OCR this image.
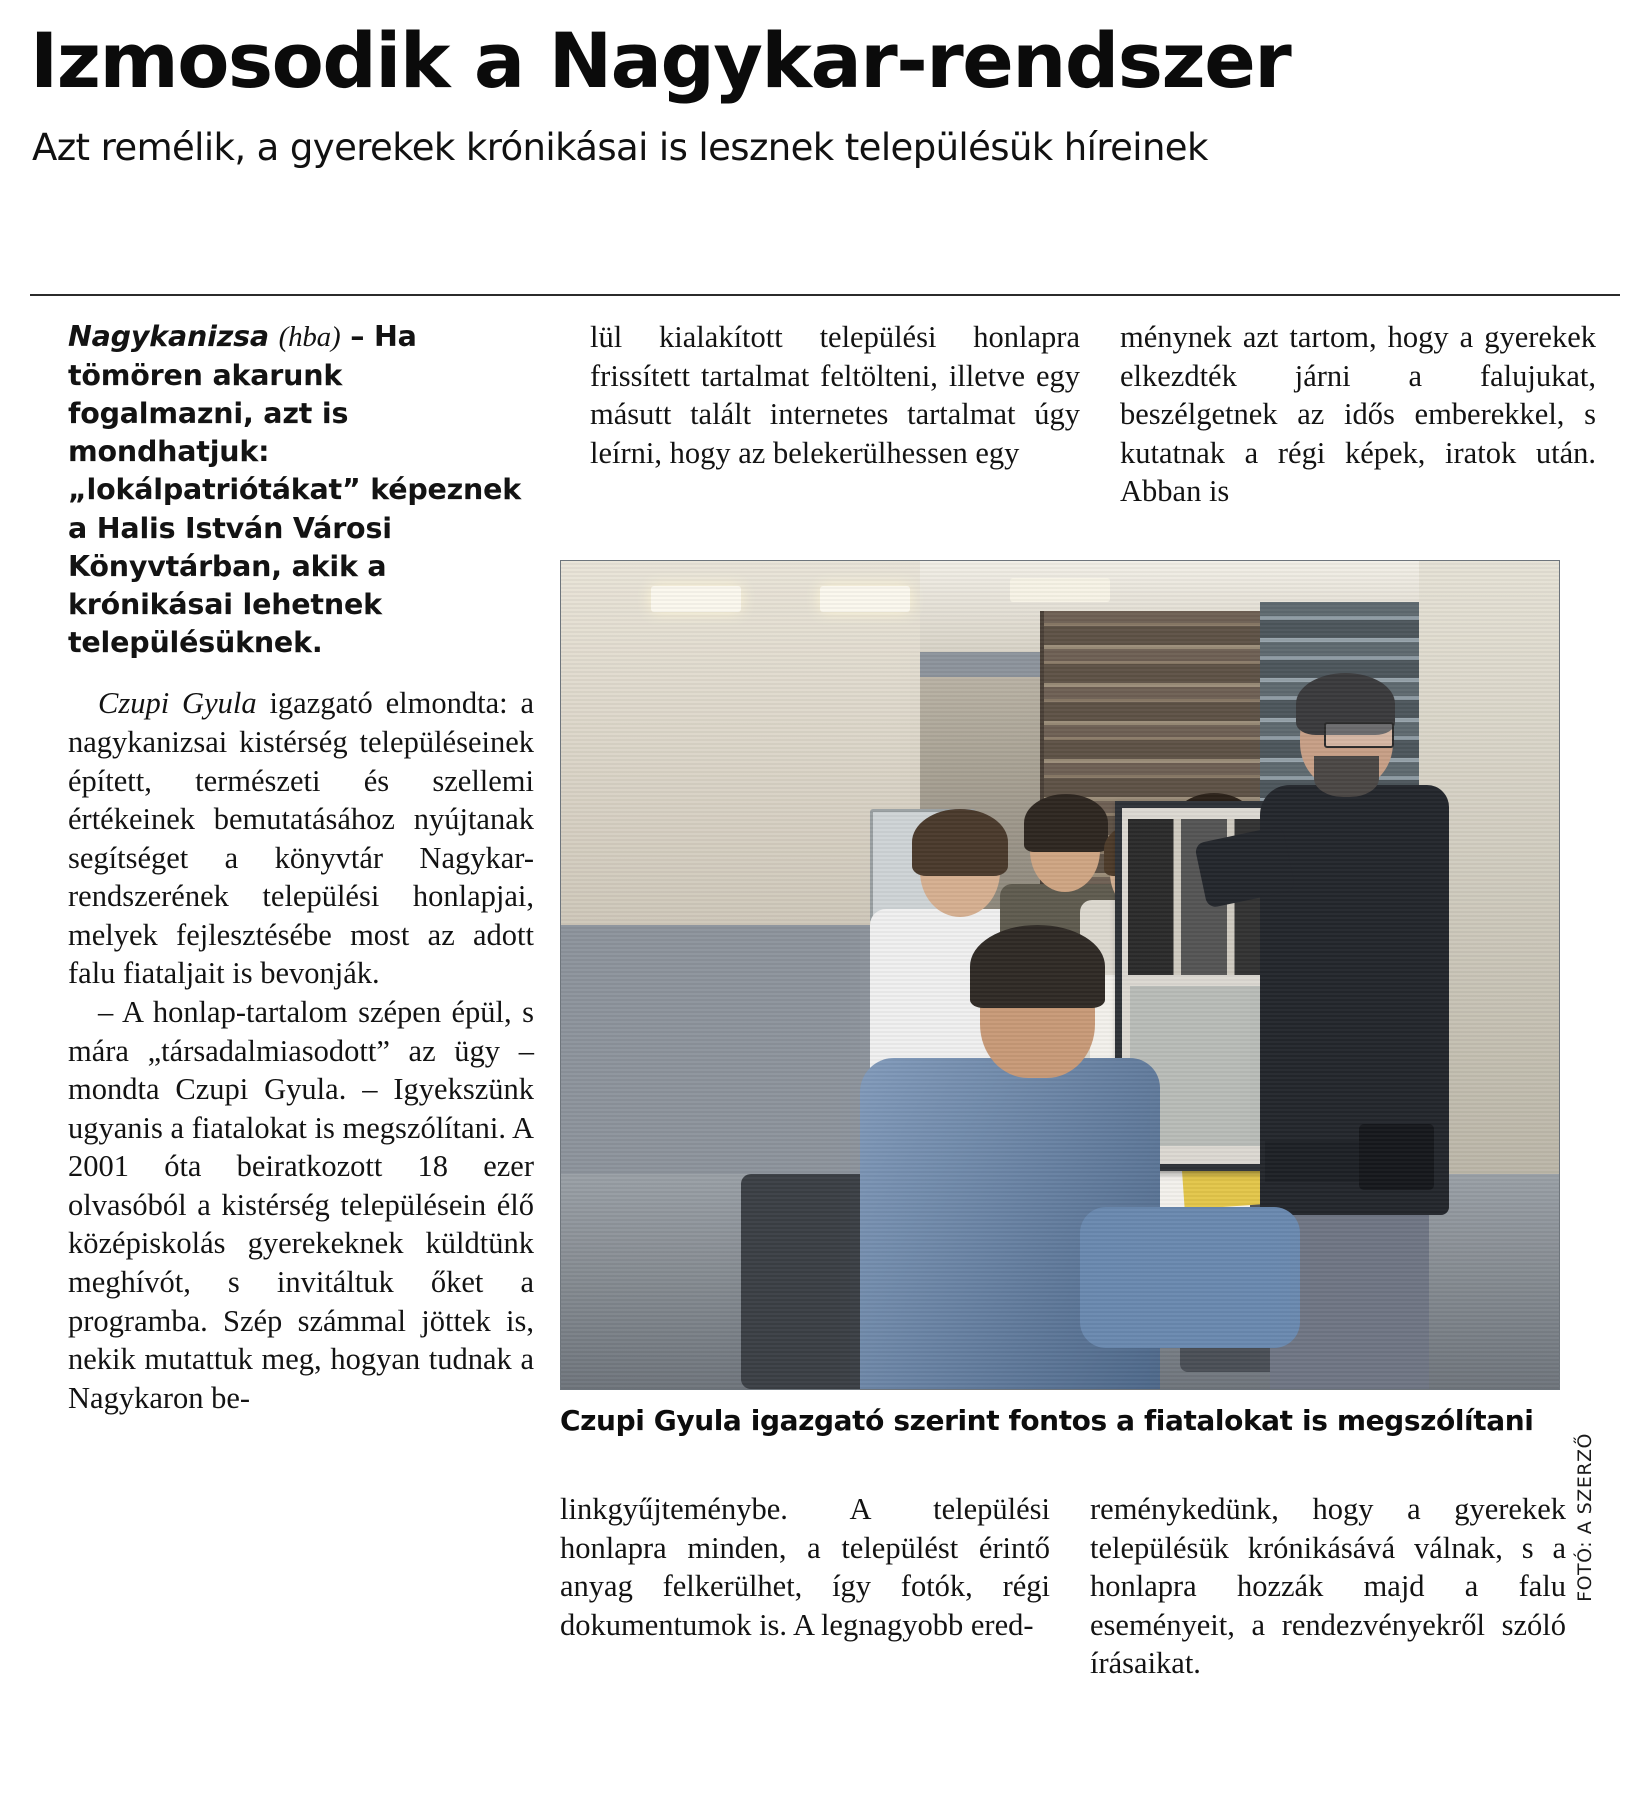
Izmosodik a Nagykar-rendszer
Azt remélik, a gyerekek krónikásai is lesznek településük híreinek

Nagykanizsa (hba) – Ha tömören akarunk fogalmazni, azt is mondhatjuk: „lokálpatriótákat” képeznek a Halis István Városi Könyvtárban, akik a krónikásai lehetnek településüknek.

Czupi Gyula igazgató elmondta: a nagykanizsai kistérség településeinek épített, természeti és szellemi értékeinek bemutatásához nyújtanak segítséget a könyvtár Nagykar-rendszerének települési honlapjai, melyek fejlesztésébe most az adott falu fiataljait is bevonják.

– A honlap-tartalom szépen épül, s mára „társadalmiasodott” az ügy – mondta Czupi Gyula. – Igyekszünk ugyanis a fiatalokat is megszólítani. A 2001 óta beiratkozott 18 ezer olvasóból a kistérség településein élő középiskolás gyerekeknek küldtünk meghívót, s invitáltuk őket a programba. Szép számmal jöttek is, nekik mutattuk meg, hogyan tudnak a Nagykaron be-

lül kialakított települési honlapra frissített tartalmat feltölteni, illetve egy másutt talált internetes tartalmat úgy leírni, hogy az belekerülhessen egy

ménynek azt tartom, hogy a gyerekek elkezdték járni a falujukat, beszélgetnek az idős emberekkel, s kutatnak a régi képek, iratok után. Abban is

FOTÓ: A SZERZŐ
Czupi Gyula igazgató szerint fontos a fiatalokat is megszólítani

linkgyűjteménybe. A települési honlapra minden, a települést érintő anyag felkerülhet, így fotók, régi dokumentumok is. A legnagyobb ered-

reménykedünk, hogy a gyerekek településük krónikásává válnak, s a honlapra hozzák majd a falu eseményeit, a rendezvényekről szóló írásaikat.
